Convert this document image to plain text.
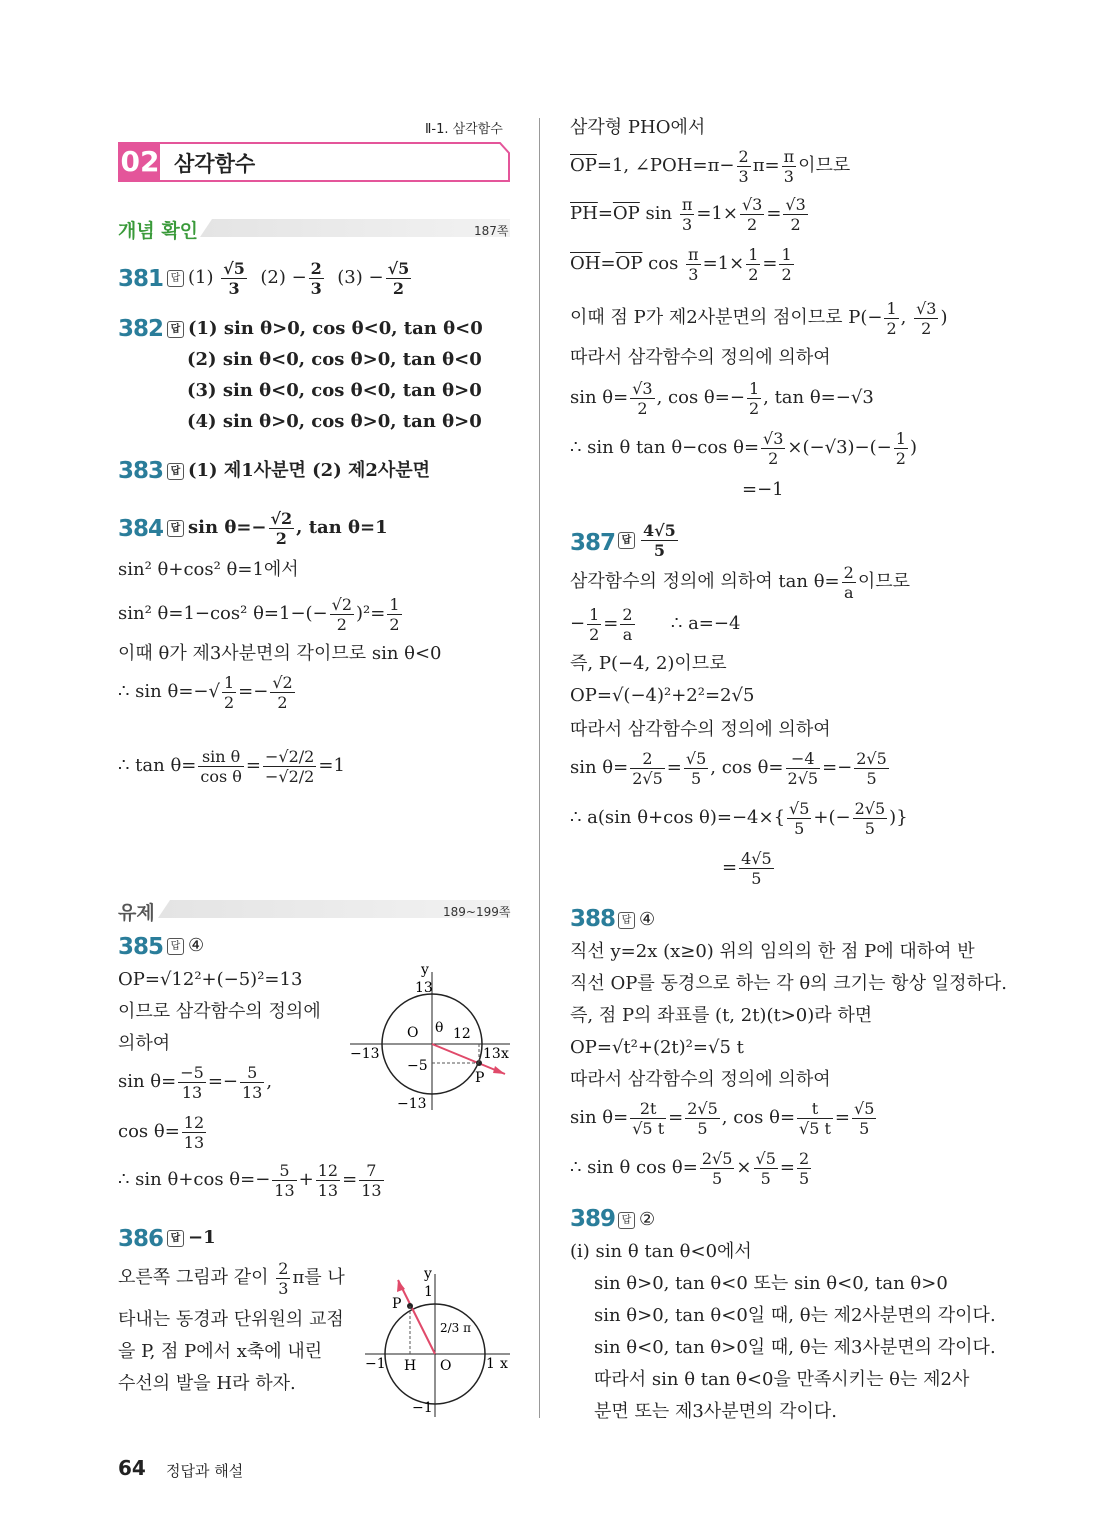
Ⅱ-1. 삼각함수
02 삼각함수
개념 확인	187쪽
381 답 $(1) \frac{√5}{3} (2) - \frac{2}{3} (3) - \frac{√5}{2}$
382 답 (1) sin θ>0, cos θ<0, tan θ<0
(2) sin θ<0, cos θ>0, tan θ<0
(3) sin θ<0, cos θ<0, tan θ>0
(4) sin θ>0, cos θ>0, tan θ>0
383 답 (1) 제1사분면 (2) 제2사분면
384 답 $\sin \theta=- \frac{√2}{2}$ , tan θ=1
sin² θ+cos² θ=1에서
sin² θ=1−cos² $\theta=1-(- \frac{√2}{2} )^2= \frac{1}{2}$
이때 θ가 제3사분면의 각이므로 sin θ<0
∴ $\sin \theta=-√ \frac{1}{2} =- \frac{√2}{2}$
∴ $\tan \theta= \frac{\text{sin θ}}{\text{cos θ}} = \frac{-√2/2}{-√2/2} =1$
유제	189~199쪽
385 답 ④
OP=√12²+(−5)²=13
이므로 삼각함수의 정의에
의하여
$\sin \theta= \frac{-5}{13} =- \frac{5}{13}$ ,
$\cos \theta= \frac{12}{13}$
∴ sin θ+cos $\theta=- \frac{5}{13} + \frac{12}{13} = \frac{7}{13}$
y
13
O θ 12
−13	13 x
−5
P
−13
386 답 −1
오른쪽 그림과 같이 $\frac{2}{3}$ π를 나
타내는 동경과 단위원의 교점
을 P, 점 P에서 x축에 내린
수선의 발을 H라 하자.
y
1
P
−1 H O 1 x
2/3 π
−1
삼각형 PHO에서
$\overline{OP}=1$, ∠POH=π− $\frac{2}{3} \pi= \frac{\pi}{3}$ 이므로
$\overline{PH}=\overline{OP}$ $\sin \frac{\pi}{3} =1\times \frac{√3}{2} = \frac{√3}{2}$
$\overline{OH}=\overline{OP}$ $\cos \frac{\pi}{3} =1\times \frac{1}{2} = \frac{1}{2}$
이때 점 P가 제2사분면의 점이므로 $P(- \frac{1}{2}$ , $\frac{√3}{2}$ )
따라서 삼각함수의 정의에 의하여
$\sin \theta= \frac{√3}{2}$ , $\cos \theta=- \frac{1}{2}$ , tan θ=−√3
∴ sin θ tan θ−cos $\theta= \frac{√3}{2} \times(-√3)-(- \frac{1}{2}$ )
=−1
387 답 $\frac{4√5}{5}$
삼각함수의 정의에 의하여 $\tan \theta= \frac{2}{a}$ 이므로
− $\frac{1}{2} = \frac{2}{a}$ ∴ a=−4
즉, P(−4, 2)이므로
OP=√(−4)²+2²=2√5
따라서 삼각함수의 정의에 의하여
$\sin \theta= \frac{2}{2√5} = \frac{√5}{5}$ , $\cos \theta= \frac{-4}{2√5} =- \frac{2√5}{5}$
∴ a(sin θ+cos $\theta)=-4\times\{ \frac{√5}{5}$ +(− $\frac{2√5}{5}$ )}
= $\frac{4√5}{5}$
388 답 ④
직선 y=2x (x≥0) 위의 임의의 한 점 P에 대하여 반
직선 OP를 동경으로 하는 각 θ의 크기는 항상 일정하다.
즉, 점 P의 좌표를 (t, 2t)(t>0)라 하면
OP=√t²+(2t)²=√5 t
따라서 삼각함수의 정의에 의하여
$\sin \theta= \frac{2t}{√5 t} = \frac{2√5}{5}$ , $\cos \theta= \frac{t}{√5 t} = \frac{√5}{5}$
∴ sin θ $\cos \theta= \frac{2√5}{5} \times \frac{√5}{5} = \frac{2}{5}$
389 답 ②
(ⅰ) sin θ tan θ<0에서
sin θ>0, tan θ<0 또는 sin θ<0, tan θ>0
sin θ>0, tan θ<0일 때, θ는 제2사분면의 각이다.
sin θ<0, tan θ>0일 때, θ는 제3사분면의 각이다.
따라서 sin θ tan θ<0을 만족시키는 θ는 제2사
분면 또는 제3사분면의 각이다.
64 정답과 해설
